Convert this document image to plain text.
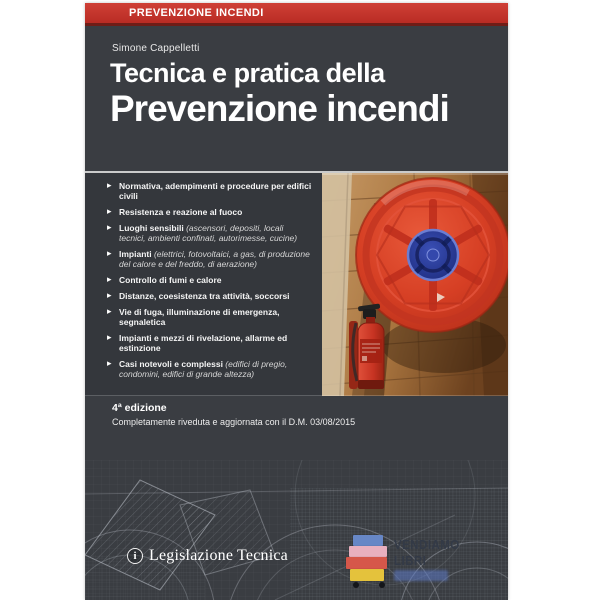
PREVENZIONE INCENDI
Simone Cappelletti
Tecnica e pratica della
Prevenzione incendi
▸ Normativa, adempimenti e procedure per edifici civili
▸ Resistenza e reazione al fuoco
▸ Luoghi sensibili (ascensori, depositi, locali tecnici, ambienti confinati, autorimesse, cucine)
▸ Impianti (elettrici, fotovoltaici, a gas, di produzione del calore e del freddo, di aerazione)
▸ Controllo di fumi e calore
▸ Distanze, coesistenza tra attività, soccorsi
▸ Vie di fuga, illuminazione di emergenza, segnaletica
▸ Impianti e mezzi di rivelazione, allarme ed estinzione
▸ Casi notevoli e complessi (edifici di pregio, condomini, edifici di grande altezza)
4ª edizione
Completamente riveduta e aggiornata con il D.M. 03/08/2015
i Legislazione Tecnica
VENDIAMO
LIBRI
